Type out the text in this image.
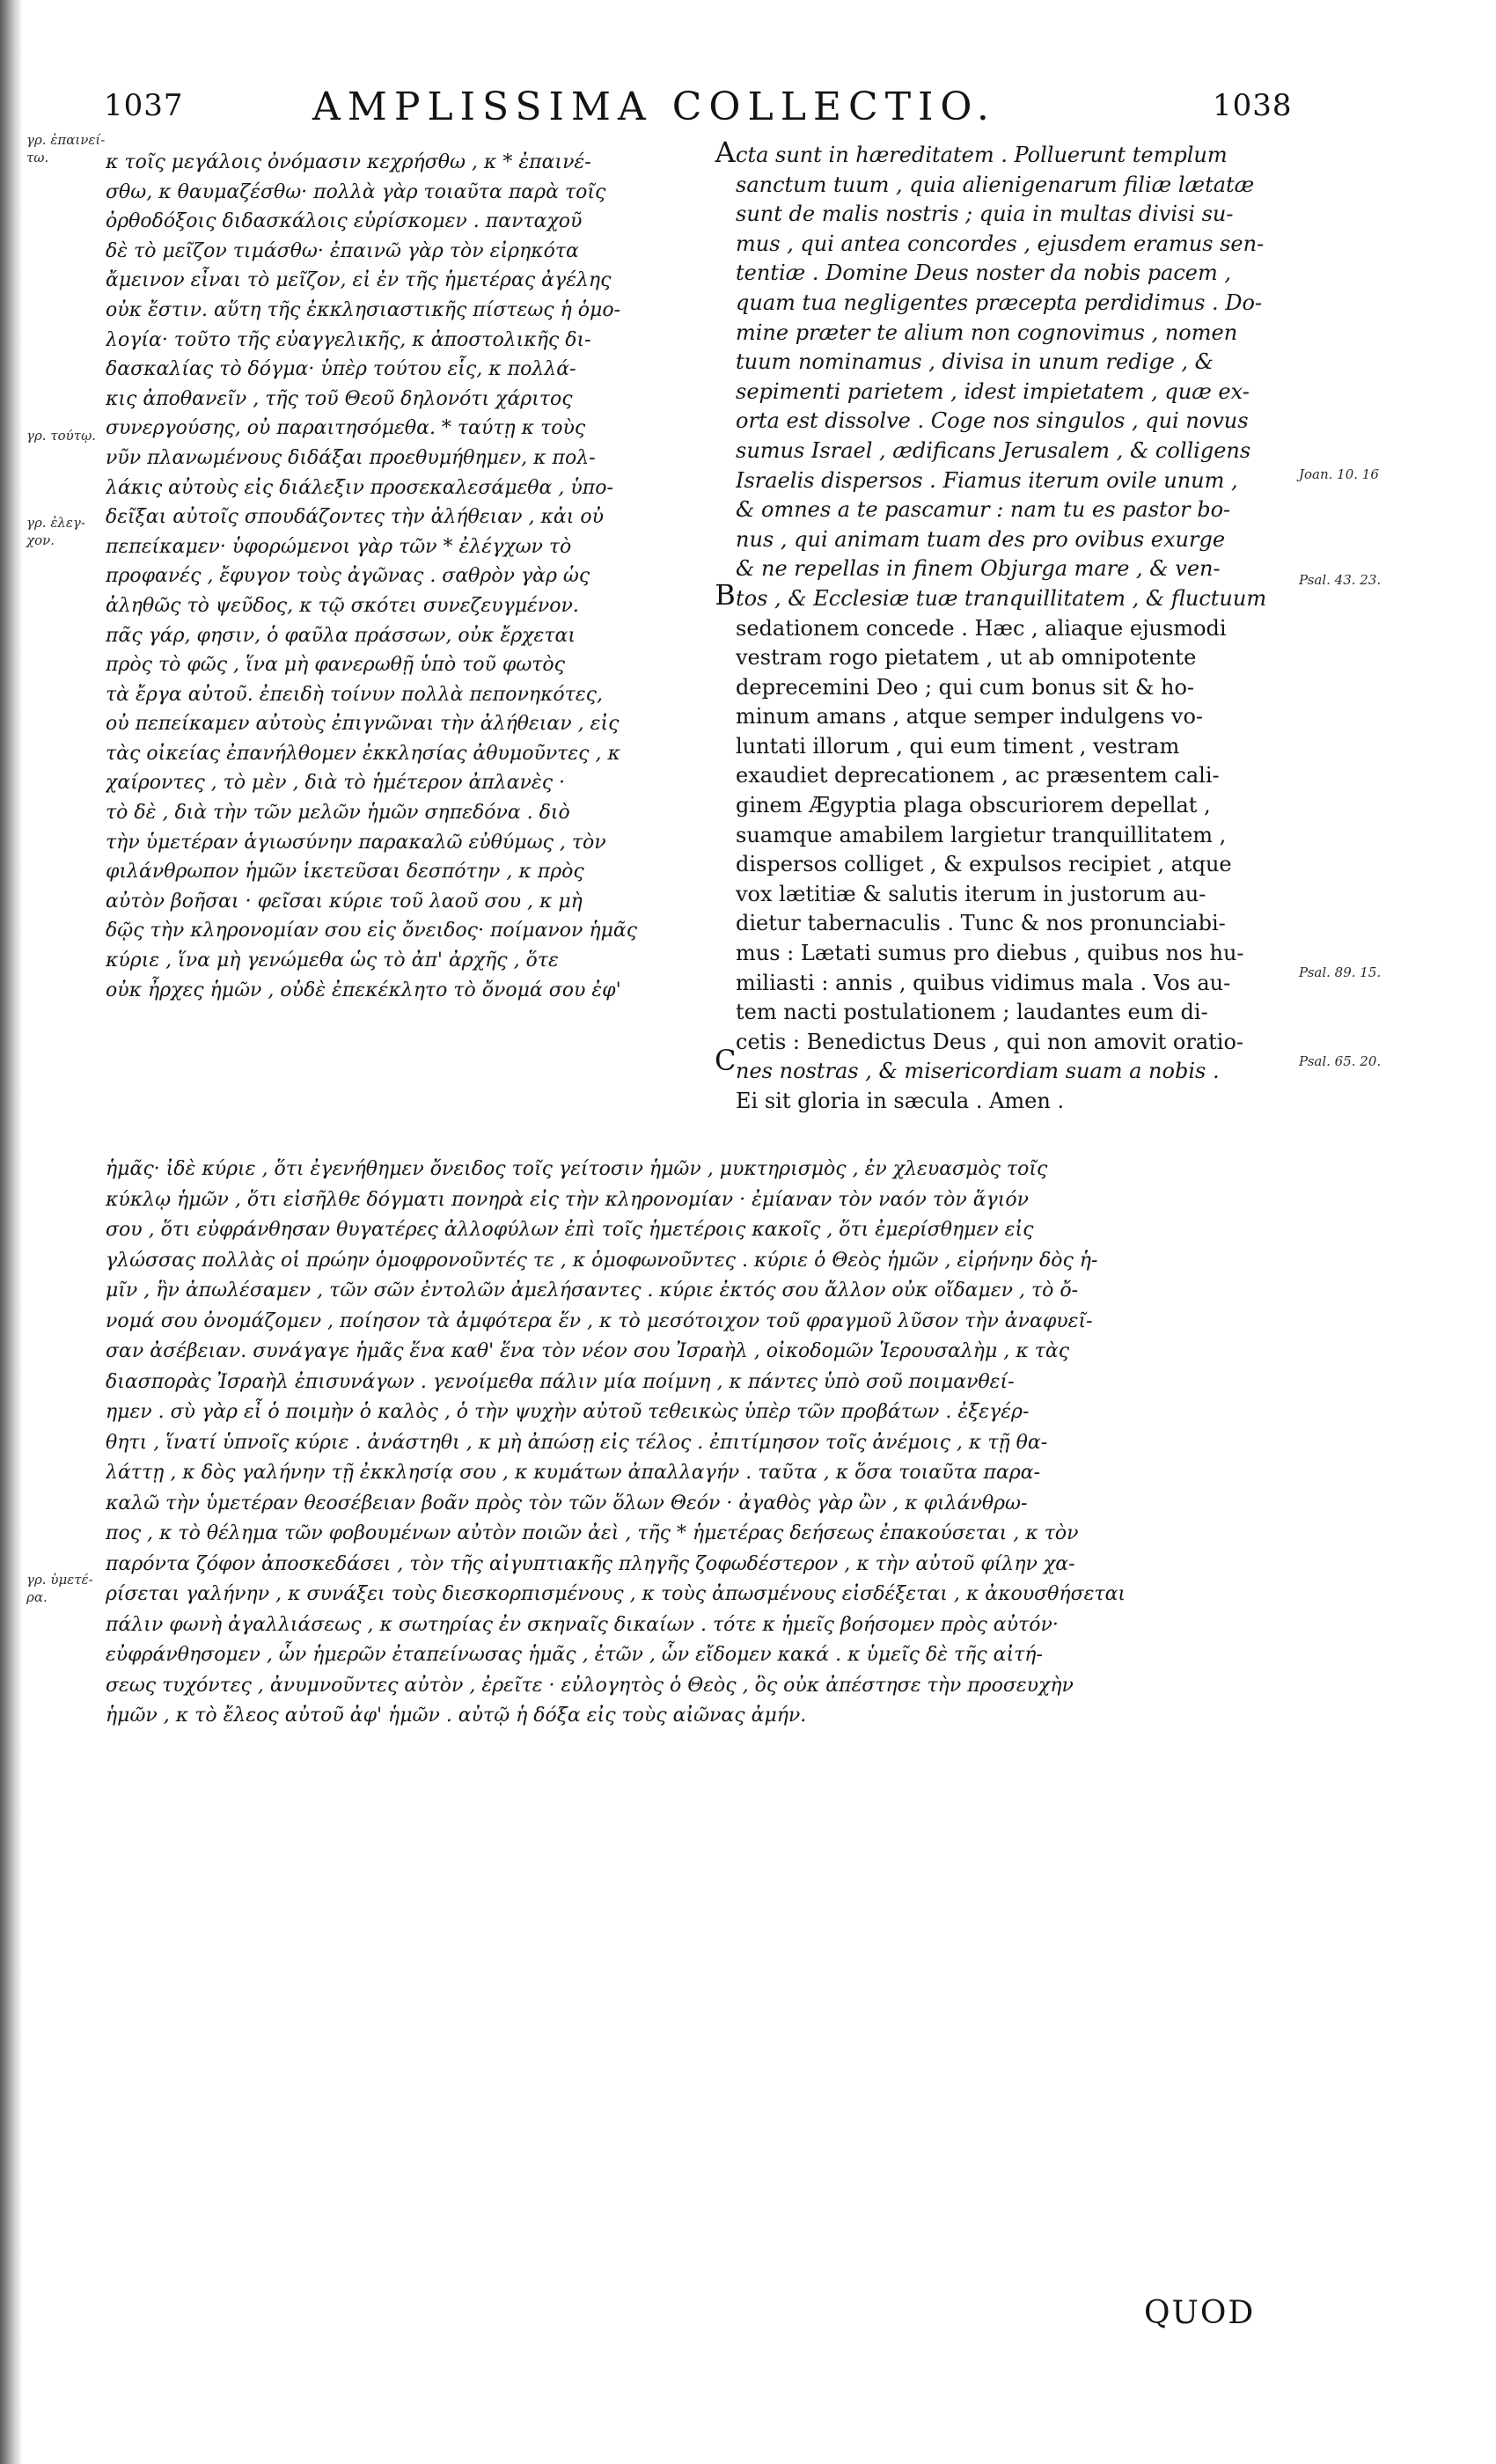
1037	AMPLISSIMA COLLECTIO.	1038
γρ. ἐπαινεί-
τω.
γρ. τούτῳ.
γρ. ἐλεγ-
χον.
γρ. ὑμετέ-
ρα.
Joan. 10. 16
Psal. 43. 23.
Psal. 89. 15.
Psal. 65. 20.
A
B
C
κ τοῖς μεγάλοις ὀνόμασιν κεχρήσθω , κ * ἐπαινέ-
σθω, κ θαυμαζέσθω· πολλὰ γὰρ τοιαῦτα παρὰ τοῖς
ὀρθοδόξοις διδασκάλοις εὑρίσκομεν . πανταχοῦ
δὲ τὸ μεῖζον τιμάσθω· ἐπαινῶ γὰρ τὸν εἰρηκότα
ἄμεινον εἶναι τὸ μεῖζον, εἰ ἐν τῆς ἡμετέρας ἀγέλης
οὐκ ἔστιν. αὕτη τῆς ἐκκλησιαστικῆς πίστεως ἡ ὁμο-
λογία· τοῦτο τῆς εὐαγγελικῆς, κ ἀποστολικῆς δι-
δασκαλίας τὸ δόγμα· ὑπὲρ τούτου εἷς, κ πολλά-
κις ἀποθανεῖν , τῆς τοῦ Θεοῦ δηλονότι χάριτος
συνεργούσης, οὐ παραιτησόμεθα. * ταύτῃ κ τοὺς
νῦν πλανωμένους διδάξαι προεθυμήθημεν, κ πολ-
λάκις αὐτοὺς εἰς διάλεξιν προσεκαλεσάμεθα , ὑπο-
δεῖξαι αὐτοῖς σπουδάζοντες τὴν ἀλήθειαν , κἀι οὐ
πεπείκαμεν· ὑφορώμενοι γὰρ τῶν * ἐλέγχων τὸ
προφανές , ἔφυγον τοὺς ἀγῶνας . σαθρὸν γὰρ ὡς
ἀληθῶς τὸ ψεῦδος, κ τῷ σκότει συνεζευγμένον.
πᾶς γάρ, φησιν, ὁ φαῦλα πράσσων, οὐκ ἔρχεται
πρὸς τὸ φῶς , ἵνα μὴ φανερωθῇ ὑπὸ τοῦ φωτὸς
τὰ ἔργα αὐτοῦ. ἐπειδὴ τοίνυν πολλὰ πεπονηκότες,
οὐ πεπείκαμεν αὐτοὺς ἐπιγνῶναι τὴν ἀλήθειαν , εἰς
τὰς οἰκείας ἐπανήλθομεν ἐκκλησίας ἀθυμοῦντες , κ
χαίροντες , τὸ μὲν , διὰ τὸ ἡμέτερον ἀπλανὲς ·
τὸ δὲ , διὰ τὴν τῶν μελῶν ἡμῶν σηπεδόνα . διὸ
τὴν ὑμετέραν ἁγιωσύνην παρακαλῶ εὐθύμως , τὸν
φιλάνθρωπον ἡμῶν ἱκετεῦσαι δεσπότην , κ πρὸς
αὐτὸν βοῆσαι · φεῖσαι κύριε τοῦ λαοῦ σου , κ μὴ
δῷς τὴν κληρονομίαν σου εἰς ὄνειδος· ποίμανον ἡμᾶς
κύριε , ἵνα μὴ γενώμεθα ὡς τὸ ἀπ' ἀρχῆς , ὅτε
οὐκ ἦρχες ἡμῶν , οὐδὲ ἐπεκέκλητο τὸ ὄνομά σου ἐφ'
cta sunt in hæreditatem . Polluerunt templum
sanctum tuum , quia alienigenarum filiæ lætatæ
sunt de malis nostris ; quia in multas divisi su-
mus , qui antea concordes , ejusdem eramus sen-
tentiæ . Domine Deus noster da nobis pacem ,
quam tua negligentes præcepta perdidimus . Do-
mine præter te alium non cognovimus , nomen
tuum nominamus , divisa in unum redige , &
sepimenti parietem , idest impietatem , quæ ex-
orta est dissolve . Coge nos singulos , qui novus
sumus Israel , ædificans Jerusalem , & colligens
Israelis dispersos . Fiamus iterum ovile unum ,
& omnes a te pascamur : nam tu es pastor bo-
nus , qui animam tuam des pro ovibus exurge
& ne repellas in finem Objurga mare , & ven-
tos , & Ecclesiæ tuæ tranquillitatem , & fluctuum
sedationem concede . Hæc , aliaque ejusmodi
vestram rogo pietatem , ut ab omnipotente
deprecemini Deo ; qui cum bonus sit & ho-
minum amans , atque semper indulgens vo-
luntati illorum , qui eum timent , vestram
exaudiet deprecationem , ac præsentem cali-
ginem Ægyptia plaga obscuriorem depellat ,
suamque amabilem largietur tranquillitatem ,
dispersos colliget , & expulsos recipiet , atque
vox lætitiæ & salutis iterum in justorum au-
dietur tabernaculis . Tunc & nos pronunciabi-
mus : Lætati sumus pro diebus , quibus nos hu-
miliasti : annis , quibus vidimus mala . Vos au-
tem nacti postulationem ; laudantes eum di-
cetis : Benedictus Deus , qui non amovit oratio-
nes nostras , & misericordiam suam a nobis .
Ei sit gloria in sæcula . Amen .
ἡμᾶς· ἰδὲ κύριε , ὅτι ἐγενήθημεν ὄνειδος τοῖς γείτοσιν ἡμῶν , μυκτηρισμὸς , ἐν χλευασμὸς τοῖς
κύκλῳ ἡμῶν , ὅτι εἰσῆλθε δόγματι πονηρὰ εἰς τὴν κληρονομίαν · ἐμίαναν τὸν ναόν τὸν ἅγιόν
σου , ὅτι εὐφράνθησαν θυγατέρες ἀλλοφύλων ἐπὶ τοῖς ἡμετέροις κακοῖς , ὅτι ἐμερίσθημεν εἰς
γλώσσας πολλὰς οἱ πρώην ὁμοφρονοῦντές τε , κ ὁμοφωνοῦντες . κύριε ὁ Θεὸς ἡμῶν , εἰρήνην δὸς ἡ-
μῖν , ἣν ἀπωλέσαμεν , τῶν σῶν ἐντολῶν ἀμελήσαντες . κύριε ἐκτός σου ἄλλον οὐκ οἴδαμεν , τὸ ὄ-
νομά σου ὀνομάζομεν , ποίησον τὰ ἀμφότερα ἕν , κ τὸ μεσότοιχον τοῦ φραγμοῦ λῦσον τὴν ἀναφυεῖ-
σαν ἀσέβειαν. συνάγαγε ἡμᾶς ἕνα καθ' ἕνα τὸν νέον σου Ἰσραὴλ , οἰκοδομῶν Ἱερουσαλὴμ , κ τὰς
διασπορὰς Ἰσραὴλ ἐπισυνάγων . γενοίμεθα πάλιν μία ποίμνη , κ πάντες ὑπὸ σοῦ ποιμανθεί-
ημεν . σὺ γὰρ εἶ ὁ ποιμὴν ὁ καλὸς , ὁ τὴν ψυχὴν αὐτοῦ τεθεικὼς ὑπὲρ τῶν προβάτων . ἐξεγέρ-
θητι , ἵνατί ὑπνοῖς κύριε . ἀνάστηθι , κ μὴ ἀπώσῃ εἰς τέλος . ἐπιτίμησον τοῖς ἀνέμοις , κ τῇ θα-
λάττῃ , κ δὸς γαλήνην τῇ ἐκκλησίᾳ σου , κ κυμάτων ἀπαλλαγήν . ταῦτα , κ ὅσα τοιαῦτα παρα-
καλῶ τὴν ὑμετέραν θεοσέβειαν βοᾶν πρὸς τὸν τῶν ὅλων Θεόν · ἀγαθὸς γὰρ ὢν , κ φιλάνθρω-
πος , κ τὸ θέλημα τῶν φοβουμένων αὐτὸν ποιῶν ἀεὶ , τῆς * ἡμετέρας δεήσεως ἐπακούσεται , κ τὸν
παρόντα ζόφον ἀποσκεδάσει , τὸν τῆς αἰγυπτιακῆς πληγῆς ζοφωδέστερον , κ τὴν αὐτοῦ φίλην χα-
ρίσεται γαλήνην , κ συνάξει τοὺς διεσκορπισμένους , κ τοὺς ἀπωσμένους εἰσδέξεται , κ ἀκουσθήσεται
πάλιν φωνὴ ἀγαλλιάσεως , κ σωτηρίας ἐν σκηναῖς δικαίων . τότε κ ἡμεῖς βοήσομεν πρὸς αὐτόν·
εὐφράνθησομεν , ὧν ἡμερῶν ἐταπείνωσας ἡμᾶς , ἐτῶν , ὧν εἴδομεν κακά . κ ὑμεῖς δὲ τῆς αἰτή-
σεως τυχόντες , ἀνυμνοῦντες αὐτὸν , ἐρεῖτε · εὐλογητὸς ὁ Θεὸς , ὃς οὐκ ἀπέστησε τὴν προσευχὴν
ἡμῶν , κ τὸ ἔλεος αὐτοῦ ἀφ' ἡμῶν . αὐτῷ ἡ δόξα εἰς τοὺς αἰῶνας ἀμήν.
QUOD
